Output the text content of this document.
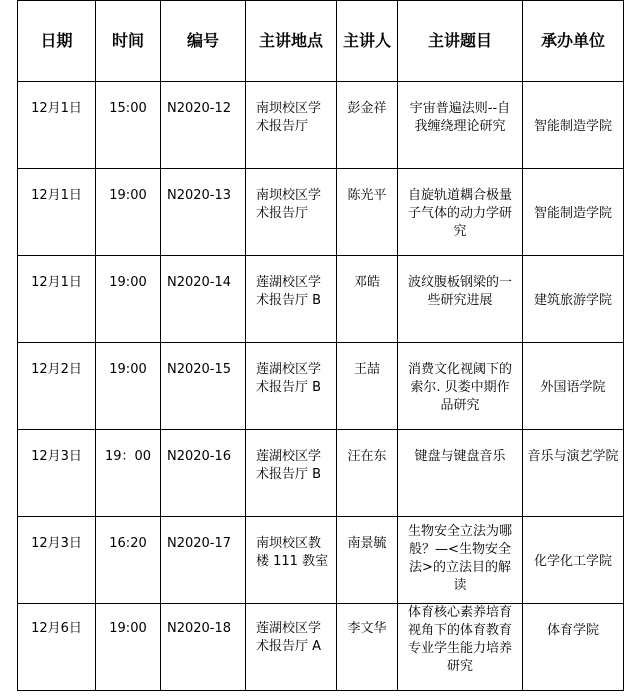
日期	时间	编号	主讲地点	主讲人	主讲题目	承办单位

12月1日	15:00	N2020-12	南坝校区学术报告厅	彭金祥	宇宙普遍法则--自我缠绕理论研究	智能制造学院

12月1日	19:00	N2020-13	南坝校区学术报告厅	陈光平	自旋轨道耦合极量子气体的动力学研究	智能制造学院

12月1日	19:00	N2020-14	莲湖校区学术报告厅 B	邓皓	波纹腹板钢梁的一些研究进展	建筑旅游学院

12月2日	19:00	N2020-15	莲湖校区学术报告厅 B	王喆	消费文化视阈下的索尔. 贝娄中期作品研究	外国语学院

12月3日	19：00	N2020-16	莲湖校区学术报告厅 B	汪在东	键盘与键盘音乐	音乐与演艺学院

12月3日	16:20	N2020-17	南坝校区教楼 111 教室	南景毓	生物安全立法为哪般？—<生物安全法>的立法目的解读	化学化工学院

12月6日	19:00	N2020-18	莲湖校区学术报告厅 A	李文华	体育核心素养培育视角下的体育教育专业学生能力培养研究	体育学院
